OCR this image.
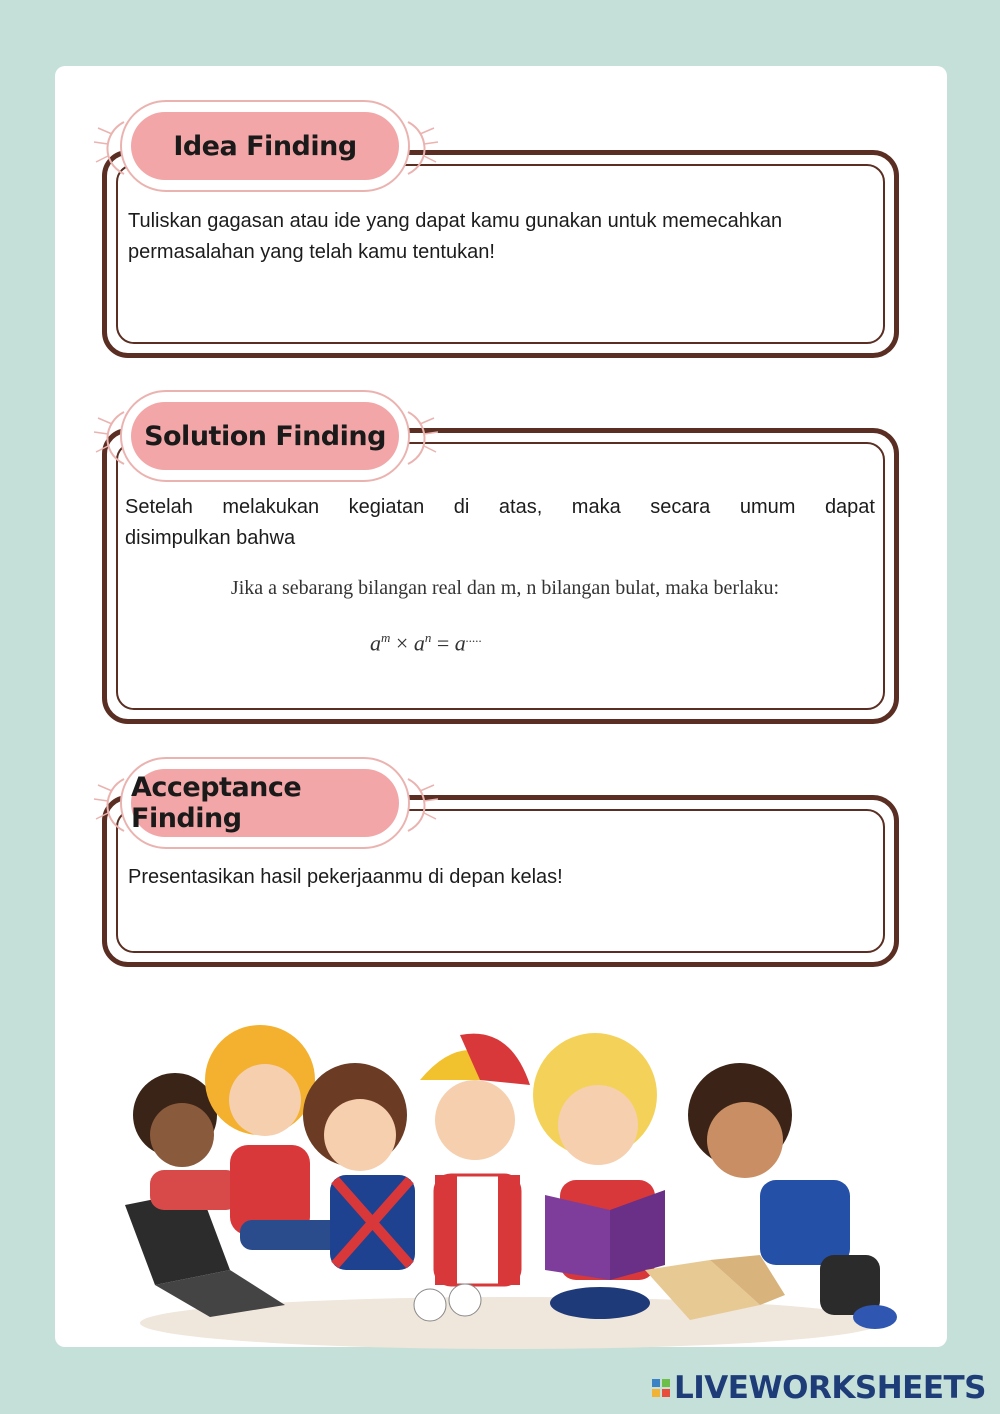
Idea Finding
Tuliskan gagasan atau ide yang dapat kamu gunakan untuk memecahkan permasalahan yang telah kamu tentukan!
Solution Finding
Setelah melakukan kegiatan di atas, maka secara umum dapat
disimpulkan bahwa
Jika a sebarang bilangan real dan m, n bilangan bulat, maka berlaku:
$a^m \times a^n = a^{.....}$
Acceptance Finding
Presentasikan hasil pekerjaanmu di depan kelas!
LIVEWORKSHEETS
